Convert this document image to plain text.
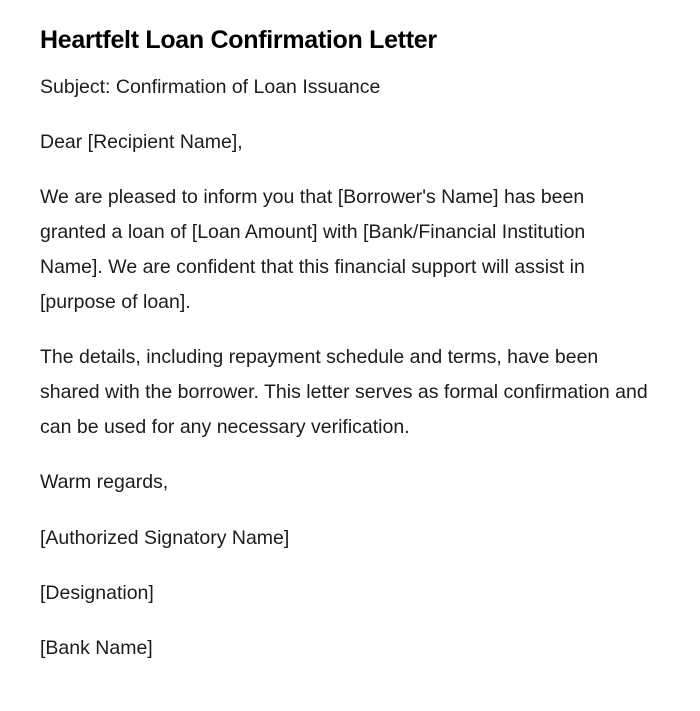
Heartfelt Loan Confirmation Letter

Subject: Confirmation of Loan Issuance

Dear [Recipient Name],

We are pleased to inform you that [Borrower's Name] has been granted a loan of [Loan Amount] with [Bank/Financial Institution Name]. We are confident that this financial support will assist in [purpose of loan].

The details, including repayment schedule and terms, have been shared with the borrower. This letter serves as formal confirmation and can be used for any necessary verification.

Warm regards,

[Authorized Signatory Name]

[Designation]

[Bank Name]
